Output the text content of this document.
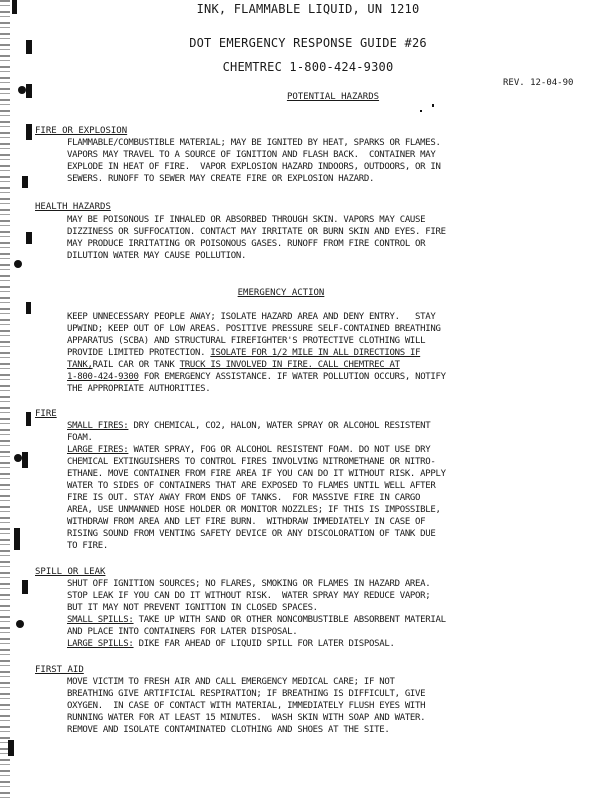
INK, FLAMMABLE LIQUID, UN 1210
DOT EMERGENCY RESPONSE GUIDE #26
CHEMTREC 1-800-424-9300
REV. 12-04-90
POTENTIAL HAZARDS
FIRE OR EXPLOSION
FLAMMABLE/COMBUSTIBLE MATERIAL; MAY BE IGNITED BY HEAT, SPARKS OR FLAMES.
VAPORS MAY TRAVEL TO A SOURCE OF IGNITION AND FLASH BACK.  CONTAINER MAY
EXPLODE IN HEAT OF FIRE.  VAPOR EXPLOSION HAZARD INDOORS, OUTDOORS, OR IN
SEWERS. RUNOFF TO SEWER MAY CREATE FIRE OR EXPLOSION HAZARD.
HEALTH HAZARDS
MAY BE POISONOUS IF INHALED OR ABSORBED THROUGH SKIN. VAPORS MAY CAUSE
DIZZINESS OR SUFFOCATION. CONTACT MAY IRRITATE OR BURN SKIN AND EYES. FIRE
MAY PRODUCE IRRITATING OR POISONOUS GASES. RUNOFF FROM FIRE CONTROL OR
DILUTION WATER MAY CAUSE POLLUTION.
EMERGENCY ACTION
KEEP UNNECESSARY PEOPLE AWAY; ISOLATE HAZARD AREA AND DENY ENTRY.   STAY
UPWIND; KEEP OUT OF LOW AREAS. POSITIVE PRESSURE SELF-CONTAINED BREATHING
APPARATUS (SCBA) AND STRUCTURAL FIREFIGHTER'S PROTECTIVE CLOTHING WILL
PROVIDE LIMITED PROTECTION. ISOLATE FOR 1/2 MILE IN ALL DIRECTIONS IF
TANK,RAIL CAR OR TANK TRUCK IS INVOLVED IN FIRE. CALL CHEMTREC AT
1-800-424-9300 FOR EMERGENCY ASSISTANCE. IF WATER POLLUTION OCCURS, NOTIFY
THE APPROPRIATE AUTHORITIES.
FIRE
SMALL FIRES: DRY CHEMICAL, CO2, HALON, WATER SPRAY OR ALCOHOL RESISTENT
FOAM.
LARGE FIRES: WATER SPRAY, FOG OR ALCOHOL RESISTENT FOAM. DO NOT USE DRY
CHEMICAL EXTINGUISHERS TO CONTROL FIRES INVOLVING NITROMETHANE OR NITRO-
ETHANE. MOVE CONTAINER FROM FIRE AREA IF YOU CAN DO IT WITHOUT RISK. APPLY
WATER TO SIDES OF CONTAINERS THAT ARE EXPOSED TO FLAMES UNTIL WELL AFTER
FIRE IS OUT. STAY AWAY FROM ENDS OF TANKS.  FOR MASSIVE FIRE IN CARGO
AREA, USE UNMANNED HOSE HOLDER OR MONITOR NOZZLES; IF THIS IS IMPOSSIBLE,
WITHDRAW FROM AREA AND LET FIRE BURN.  WITHDRAW IMMEDIATELY IN CASE OF
RISING SOUND FROM VENTING SAFETY DEVICE OR ANY DISCOLORATION OF TANK DUE
TO FIRE.
SPILL OR LEAK
SHUT OFF IGNITION SOURCES; NO FLARES, SMOKING OR FLAMES IN HAZARD AREA.
STOP LEAK IF YOU CAN DO IT WITHOUT RISK.  WATER SPRAY MAY REDUCE VAPOR;
BUT IT MAY NOT PREVENT IGNITION IN CLOSED SPACES.
SMALL SPILLS: TAKE UP WITH SAND OR OTHER NONCOMBUSTIBLE ABSORBENT MATERIAL
AND PLACE INTO CONTAINERS FOR LATER DISPOSAL.
LARGE SPILLS: DIKE FAR AHEAD OF LIQUID SPILL FOR LATER DISPOSAL.
FIRST AID
MOVE VICTIM TO FRESH AIR AND CALL EMERGENCY MEDICAL CARE; IF NOT
BREATHING GIVE ARTIFICIAL RESPIRATION; IF BREATHING IS DIFFICULT, GIVE
OXYGEN.  IN CASE OF CONTACT WITH MATERIAL, IMMEDIATELY FLUSH EYES WITH
RUNNING WATER FOR AT LEAST 15 MINUTES.  WASH SKIN WITH SOAP AND WATER.
REMOVE AND ISOLATE CONTAMINATED CLOTHING AND SHOES AT THE SITE.
